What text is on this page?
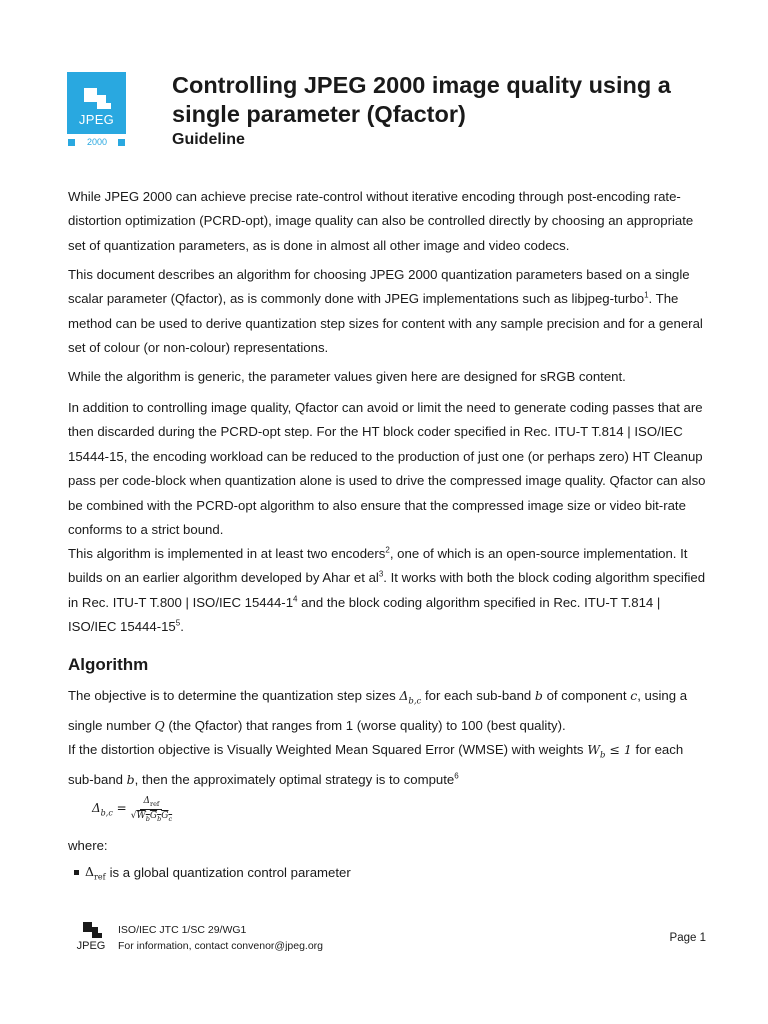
JPEG
2000
Controlling JPEG 2000 image quality using a single parameter (Qfactor)
Guideline

While JPEG 2000 can achieve precise rate-control without iterative encoding through post-encoding rate-distortion optimization (PCRD-opt), image quality can also be controlled directly by choosing an appropriate set of quantization parameters, as is done in almost all other image and video codecs.

This document describes an algorithm for choosing JPEG 2000 quantization parameters based on a single scalar parameter (Qfactor), as is commonly done with JPEG implementations such as libjpeg-turbo$^1$. The method can be used to derive quantization step sizes for content with any sample precision and for a general set of colour (or non-colour) representations.

While the algorithm is generic, the parameter values given here are designed for sRGB content.

In addition to controlling image quality, Qfactor can avoid or limit the need to generate coding passes that are then discarded during the PCRD-opt step. For the HT block coder specified in Rec. ITU-T T.814 | ISO/IEC 15444-15, the encoding workload can be reduced to the production of just one (or perhaps zero) HT Cleanup pass per code-block when quantization alone is used to drive the compressed image quality. Qfactor can also be combined with the PCRD-opt algorithm to also ensure that the compressed image size or video bit-rate conforms to a strict bound.

This algorithm is implemented in at least two encoders$^2$, one of which is an open-source implementation. It builds on an earlier algorithm developed by Ahar et $al^3$. It works with both the block coding algorithm specified in Rec. ITU-T T.800 | ISO/IEC $15444-1^4$ and the block coding algorithm specified in Rec. ITU-T T.814 | ISO/IEC $15444-15^5$.

Algorithm

The objective is to determine the quantization step sizes $\Delta_{b,c}$ for each sub-band b of component c, using a single number Q (the Qfactor) that ranges from 1 (worse quality) to 100 (best quality).

If the distortion objective is Visually Weighted Mean Squared Error (WMSE) with weights $W_b \le 1$ for each sub-band b, then the approximately optimal strategy is to compute$^6$

$\Delta_{b,c} = \frac{\Delta_{ref}}{√W_bG_bG_c}$
where:
$\Delta_{ref}$ is a global quantization control parameter
JPEG
ISO/IEC JTC 1/SC 29/WG1
For information, contact convenor@jpeg.org
Page 1
